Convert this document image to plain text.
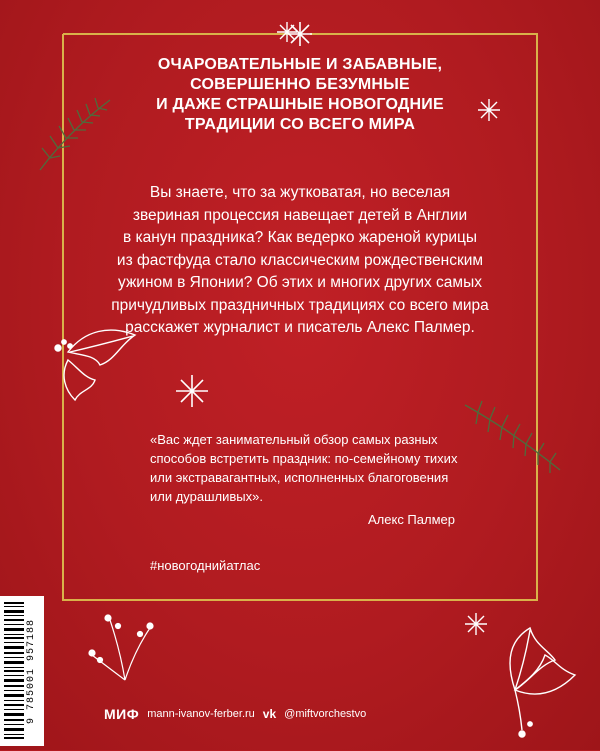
ОЧАРОВАТЕЛЬНЫЕ И ЗАБАВНЫЕ,
СОВЕРШЕННО БЕЗУМНЫЕ
И ДАЖЕ СТРАШНЫЕ НОВОГОДНИЕ
ТРАДИЦИИ СО ВСЕГО МИРА
Вы знаете, что за жутковатая, но веселая
звериная процессия навещает детей в Англии
в канун праздника? Как ведерко жареной курицы
из фастфуда стало классическим рождественским
ужином в Японии? Об этих и многих других самых
причудливых праздничных традициях со всего мира
расскажет журналист и писатель Алекс Палмер.
«Вас ждет занимательный обзор самых разных
способов встретить праздник: по-семейному тихих
или экстравагантных, исполненных благоговения
или дурашливых».
Алекс Палмер
#новогоднийатлас
9 785001 957188	МИФ mann-ivanov-ferber.ru vk @miftvorchestvo
